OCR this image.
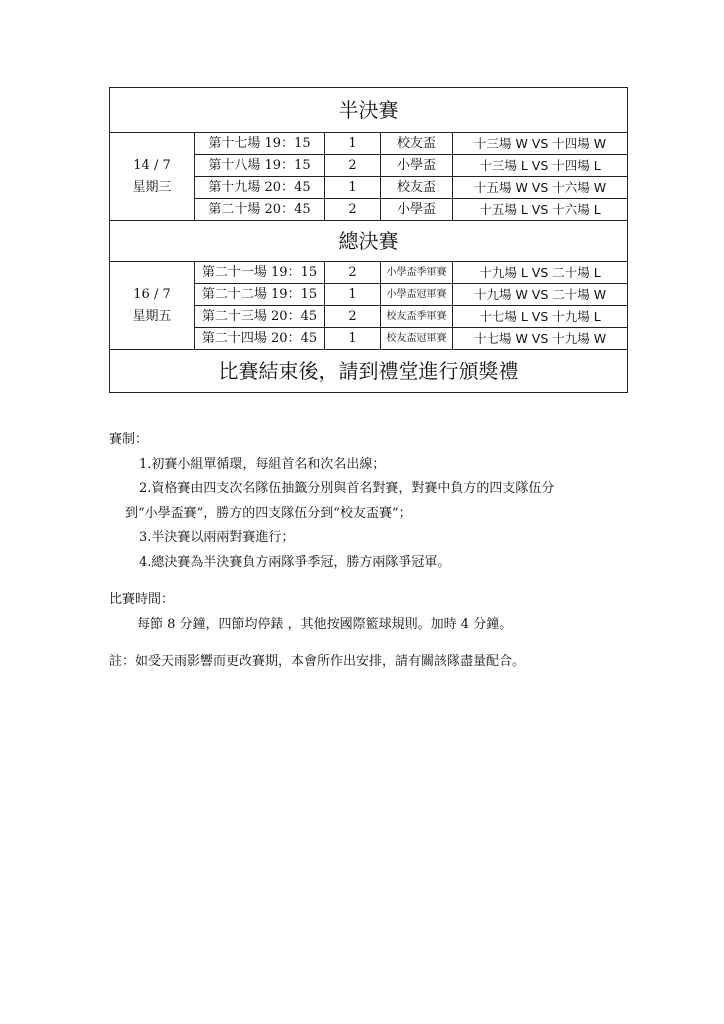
半決賽				
14 / 7
星期三	第十七場 19：15	1	校友盃	十三場 W VS 十四場 W
	第十八場 19：15	2	小學盃	十三場 L VS 十四場 L
	第十九場 20：45	1	校友盃	十五場 W VS 十六場 W
	第二十場 20：45	2	小學盃	十五場 L VS 十六場 L
總決賽				
16 / 7
星期五	第二十一場 19：15	2	小學盃季軍賽	十九場 L VS 二十場 L
	第二十二場 19：15	1	小學盃冠軍賽	十九場 W VS 二十場 W
	第二十三場 20：45	2	校友盃季軍賽	十七場 L VS 十九場 L
	第二十四場 20：45	1	校友盃冠軍賽	十七場 W VS 十九場 W
比賽結束後，請到禮堂進行頒獎禮				

賽制：

1.初賽小組單循環，每組首名和次名出線；

2.資格賽由四支次名隊伍抽籤分別與首名對賽，對賽中負方的四支隊伍分

到“小學盃賽”，勝方的四支隊伍分到“校友盃賽”；

3.半決賽以兩兩對賽進行；

4.總決賽為半決賽負方兩隊爭季冠，勝方兩隊爭冠軍。

比賽時間：

每節 8 分鐘，四節均停錶 ，其他按國際籃球規則。加時 4 分鐘。

註：如受天雨影響而更改賽期，本會所作出安排，請有關該隊盡量配合。
